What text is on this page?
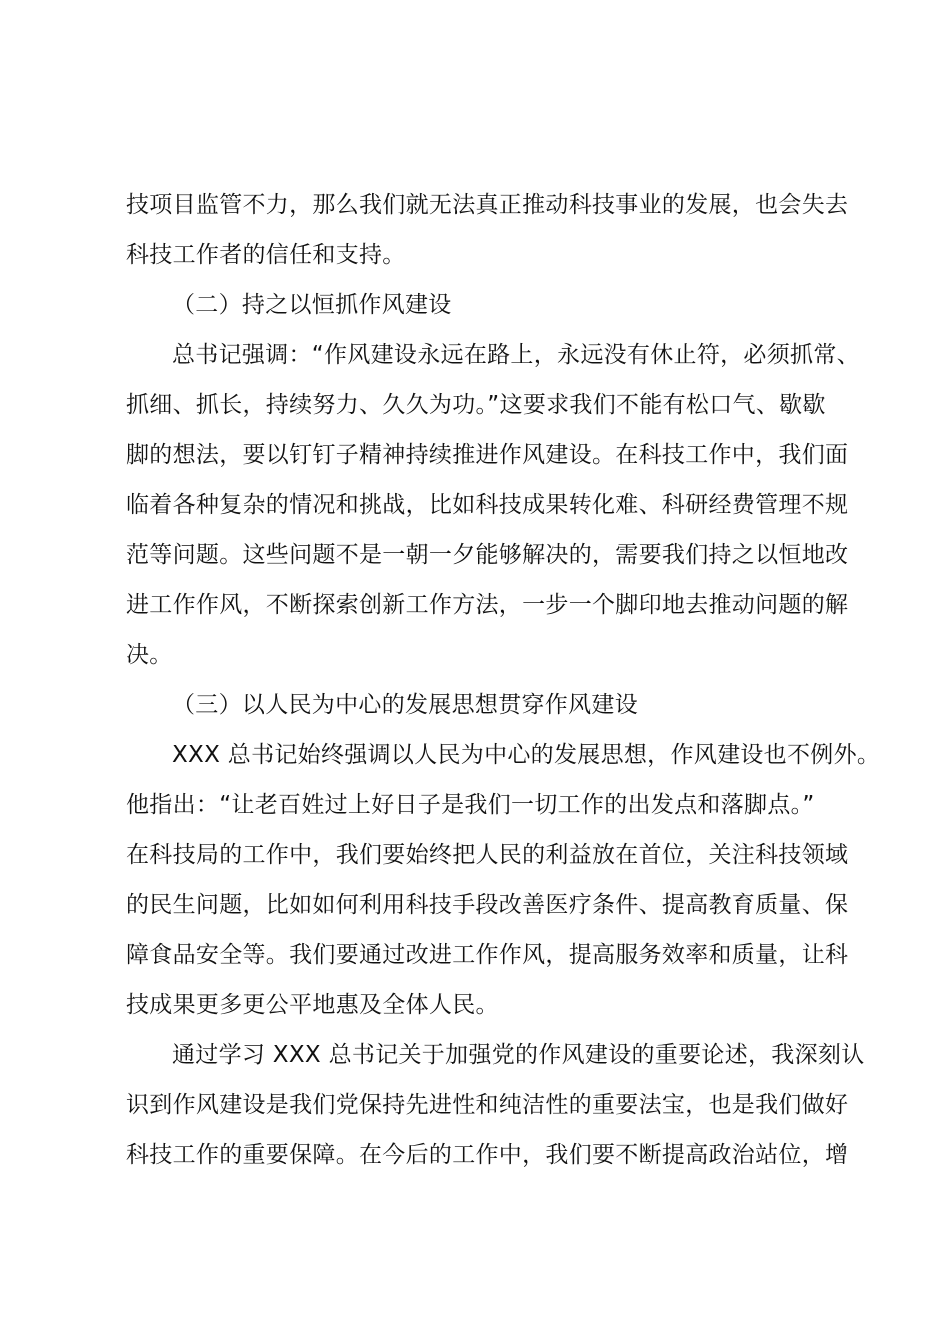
技项目监管不力，那么我们就无法真正推动科技事业的发展，也会失去
科技工作者的信任和支持。
（二）持之以恒抓作风建设
总书记强调：“作风建设永远在路上，永远没有休止符，必须抓常、
抓细、抓长，持续努力、久久为功。”这要求我们不能有松口气、歇歇
脚的想法，要以钉钉子精神持续推进作风建设。在科技工作中，我们面
临着各种复杂的情况和挑战，比如科技成果转化难、科研经费管理不规
范等问题。这些问题不是一朝一夕能够解决的，需要我们持之以恒地改
进工作作风，不断探索创新工作方法，一步一个脚印地去推动问题的解
决。
（三）以人民为中心的发展思想贯穿作风建设
XXX 总书记始终强调以人民为中心的发展思想，作风建设也不例外。
他指出：“让老百姓过上好日子是我们一切工作的出发点和落脚点。”
在科技局的工作中，我们要始终把人民的利益放在首位，关注科技领域
的民生问题，比如如何利用科技手段改善医疗条件、提高教育质量、保
障食品安全等。我们要通过改进工作作风，提高服务效率和质量，让科
技成果更多更公平地惠及全体人民。
通过学习 XXX 总书记关于加强党的作风建设的重要论述，我深刻认
识到作风建设是我们党保持先进性和纯洁性的重要法宝，也是我们做好
科技工作的重要保障。在今后的工作中，我们要不断提高政治站位，增
